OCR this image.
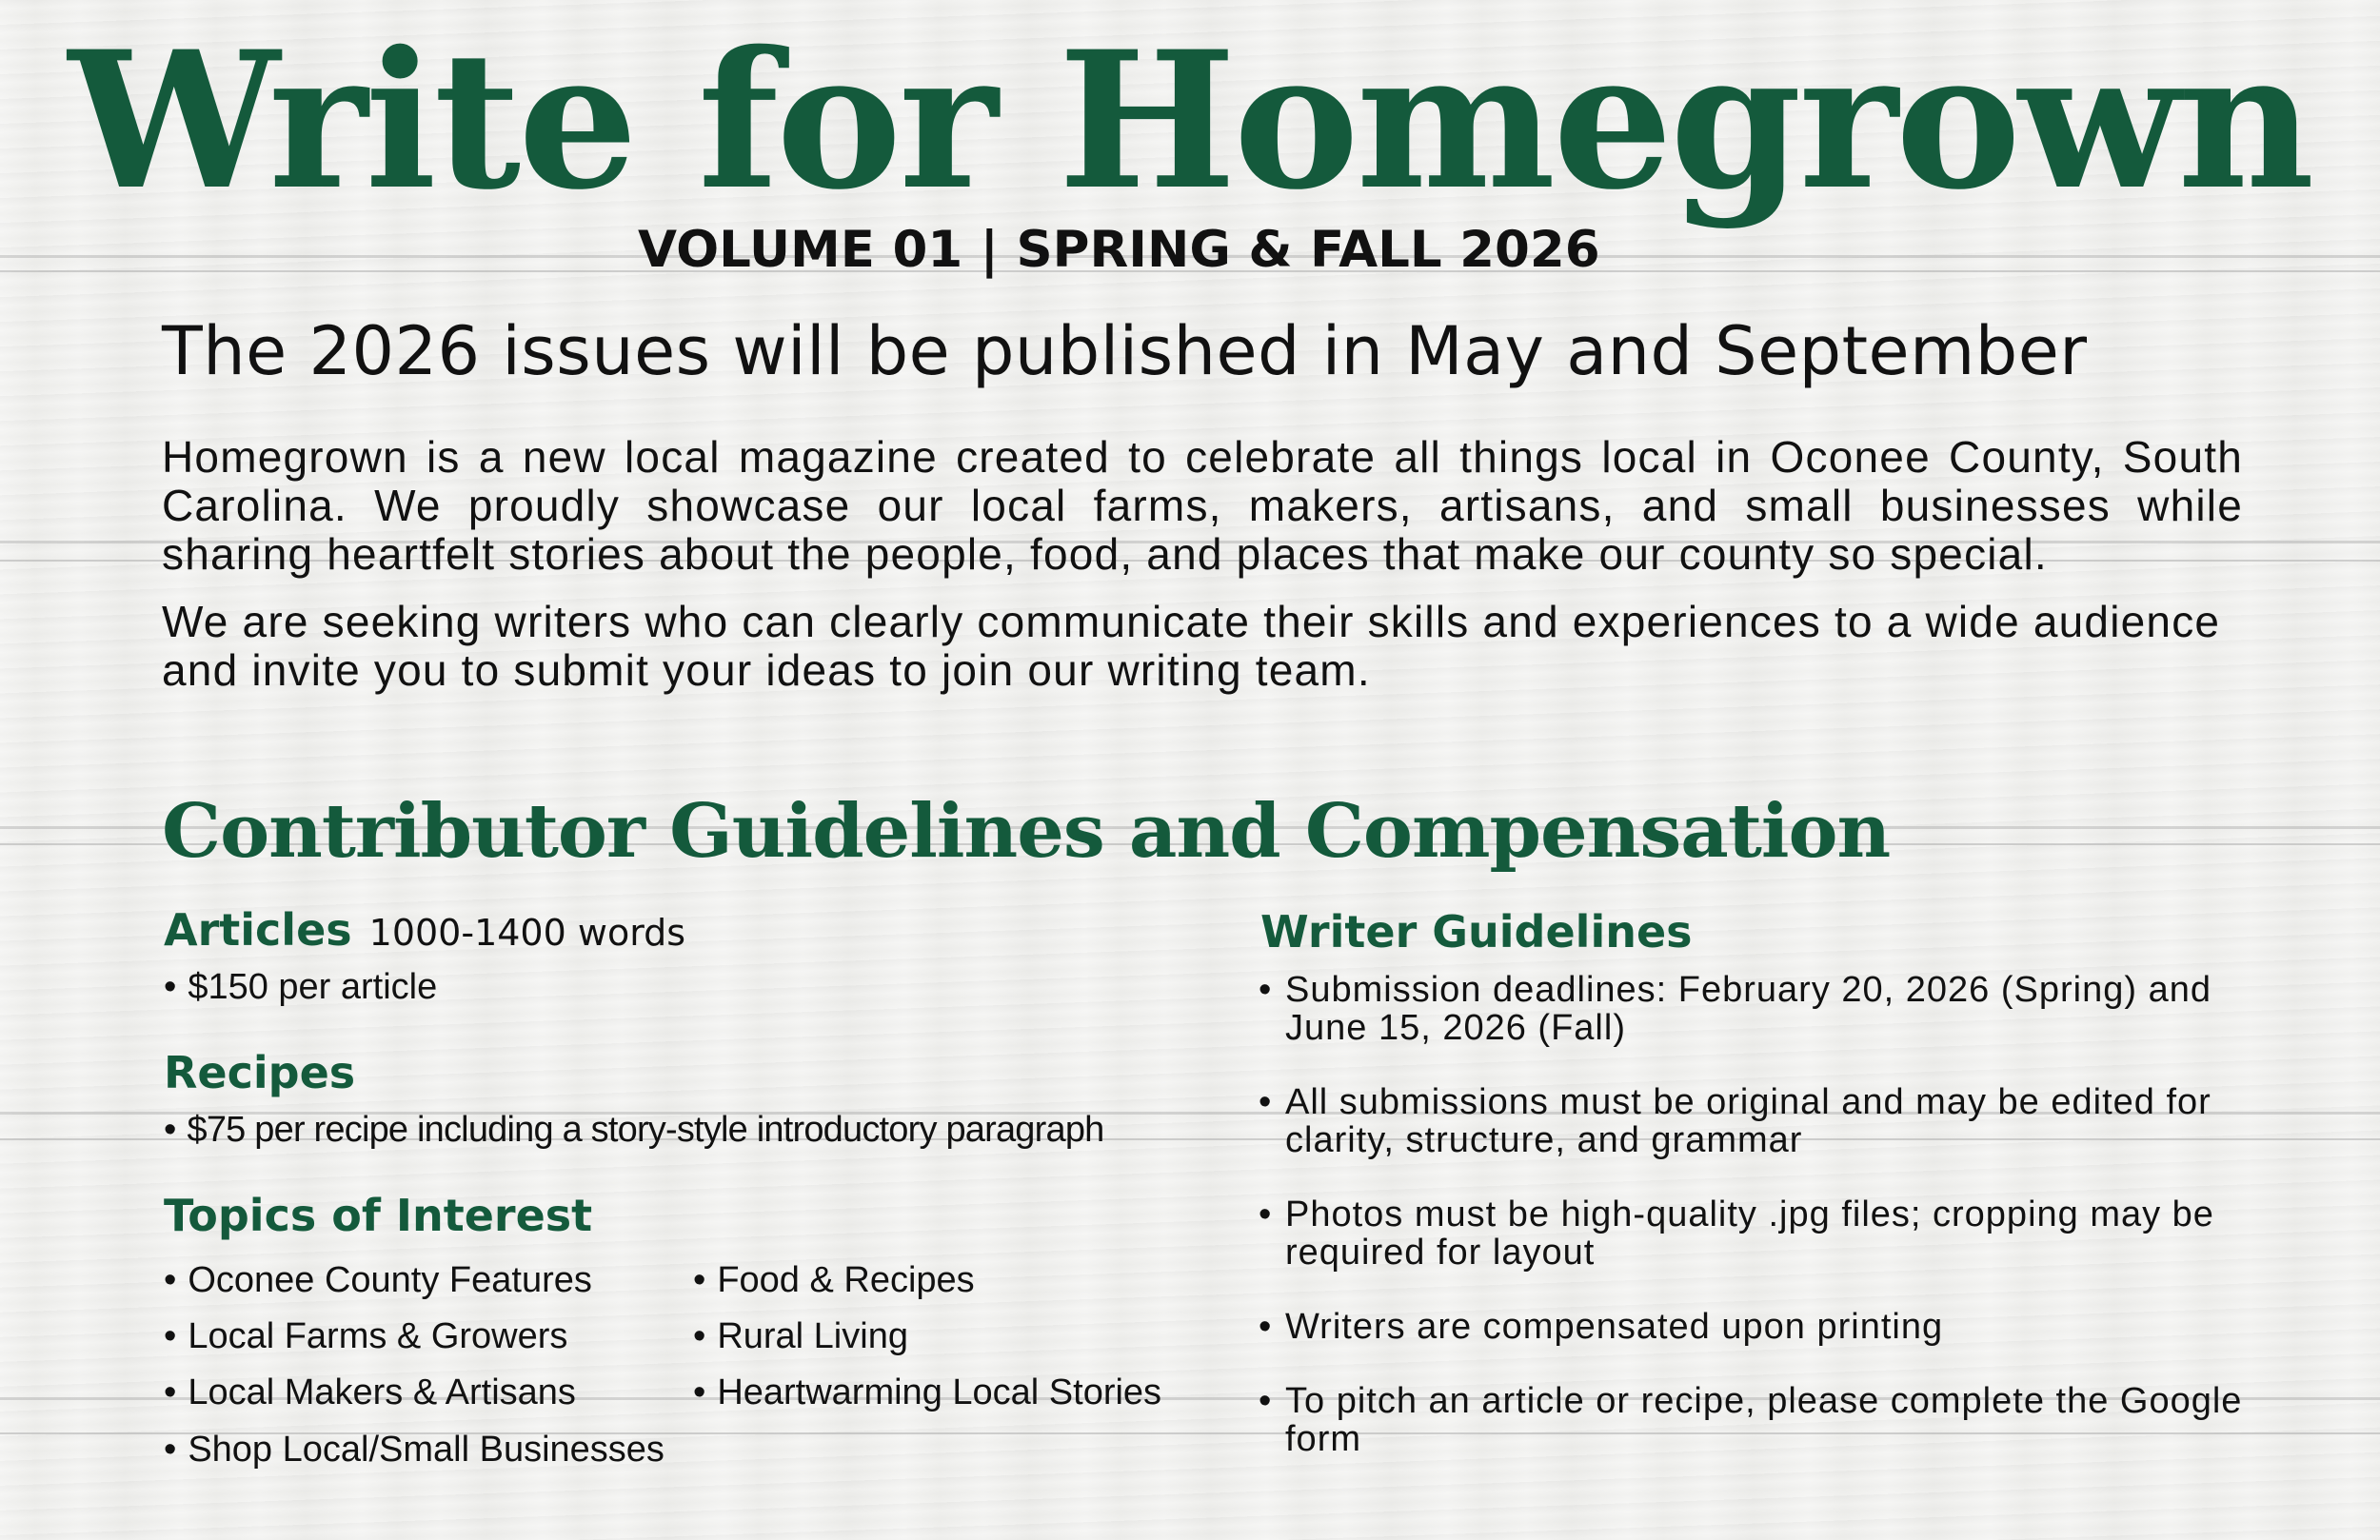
Write for Homegrown
VOLUME 01 | SPRING & FALL 2026
The 2026 issues will be published in May and September

Homegrown is a new local magazine created to celebrate all things local in Oconee County, South Carolina. We proudly showcase our local farms, makers, artisans, and small businesses while sharing heartfelt stories about the people, food, and places that make our county so special.

We are seeking writers who can clearly communicate their skills and experiences to a wide audience and invite you to submit your ideas to join our writing team.

Contributor Guidelines and Compensation
Articles 1000-1400 words
• $150 per article
Recipes
• $75 per recipe including a story-style introductory paragraph
Topics of Interest
• Oconee County Features
• Local Farms & Growers
• Local Makers & Artisans
• Shop Local/Small Businesses
• Food & Recipes
• Rural Living
• Heartwarming Local Stories
Writer Guidelines
• Submission deadlines: February 20, 2026 (Spring) and June 15, 2026 (Fall)
• All submissions must be original and may be edited for clarity, structure, and grammar
• Photos must be high-quality .jpg files; cropping may be required for layout
• Writers are compensated upon printing
• To pitch an article or recipe, please complete the Google form
